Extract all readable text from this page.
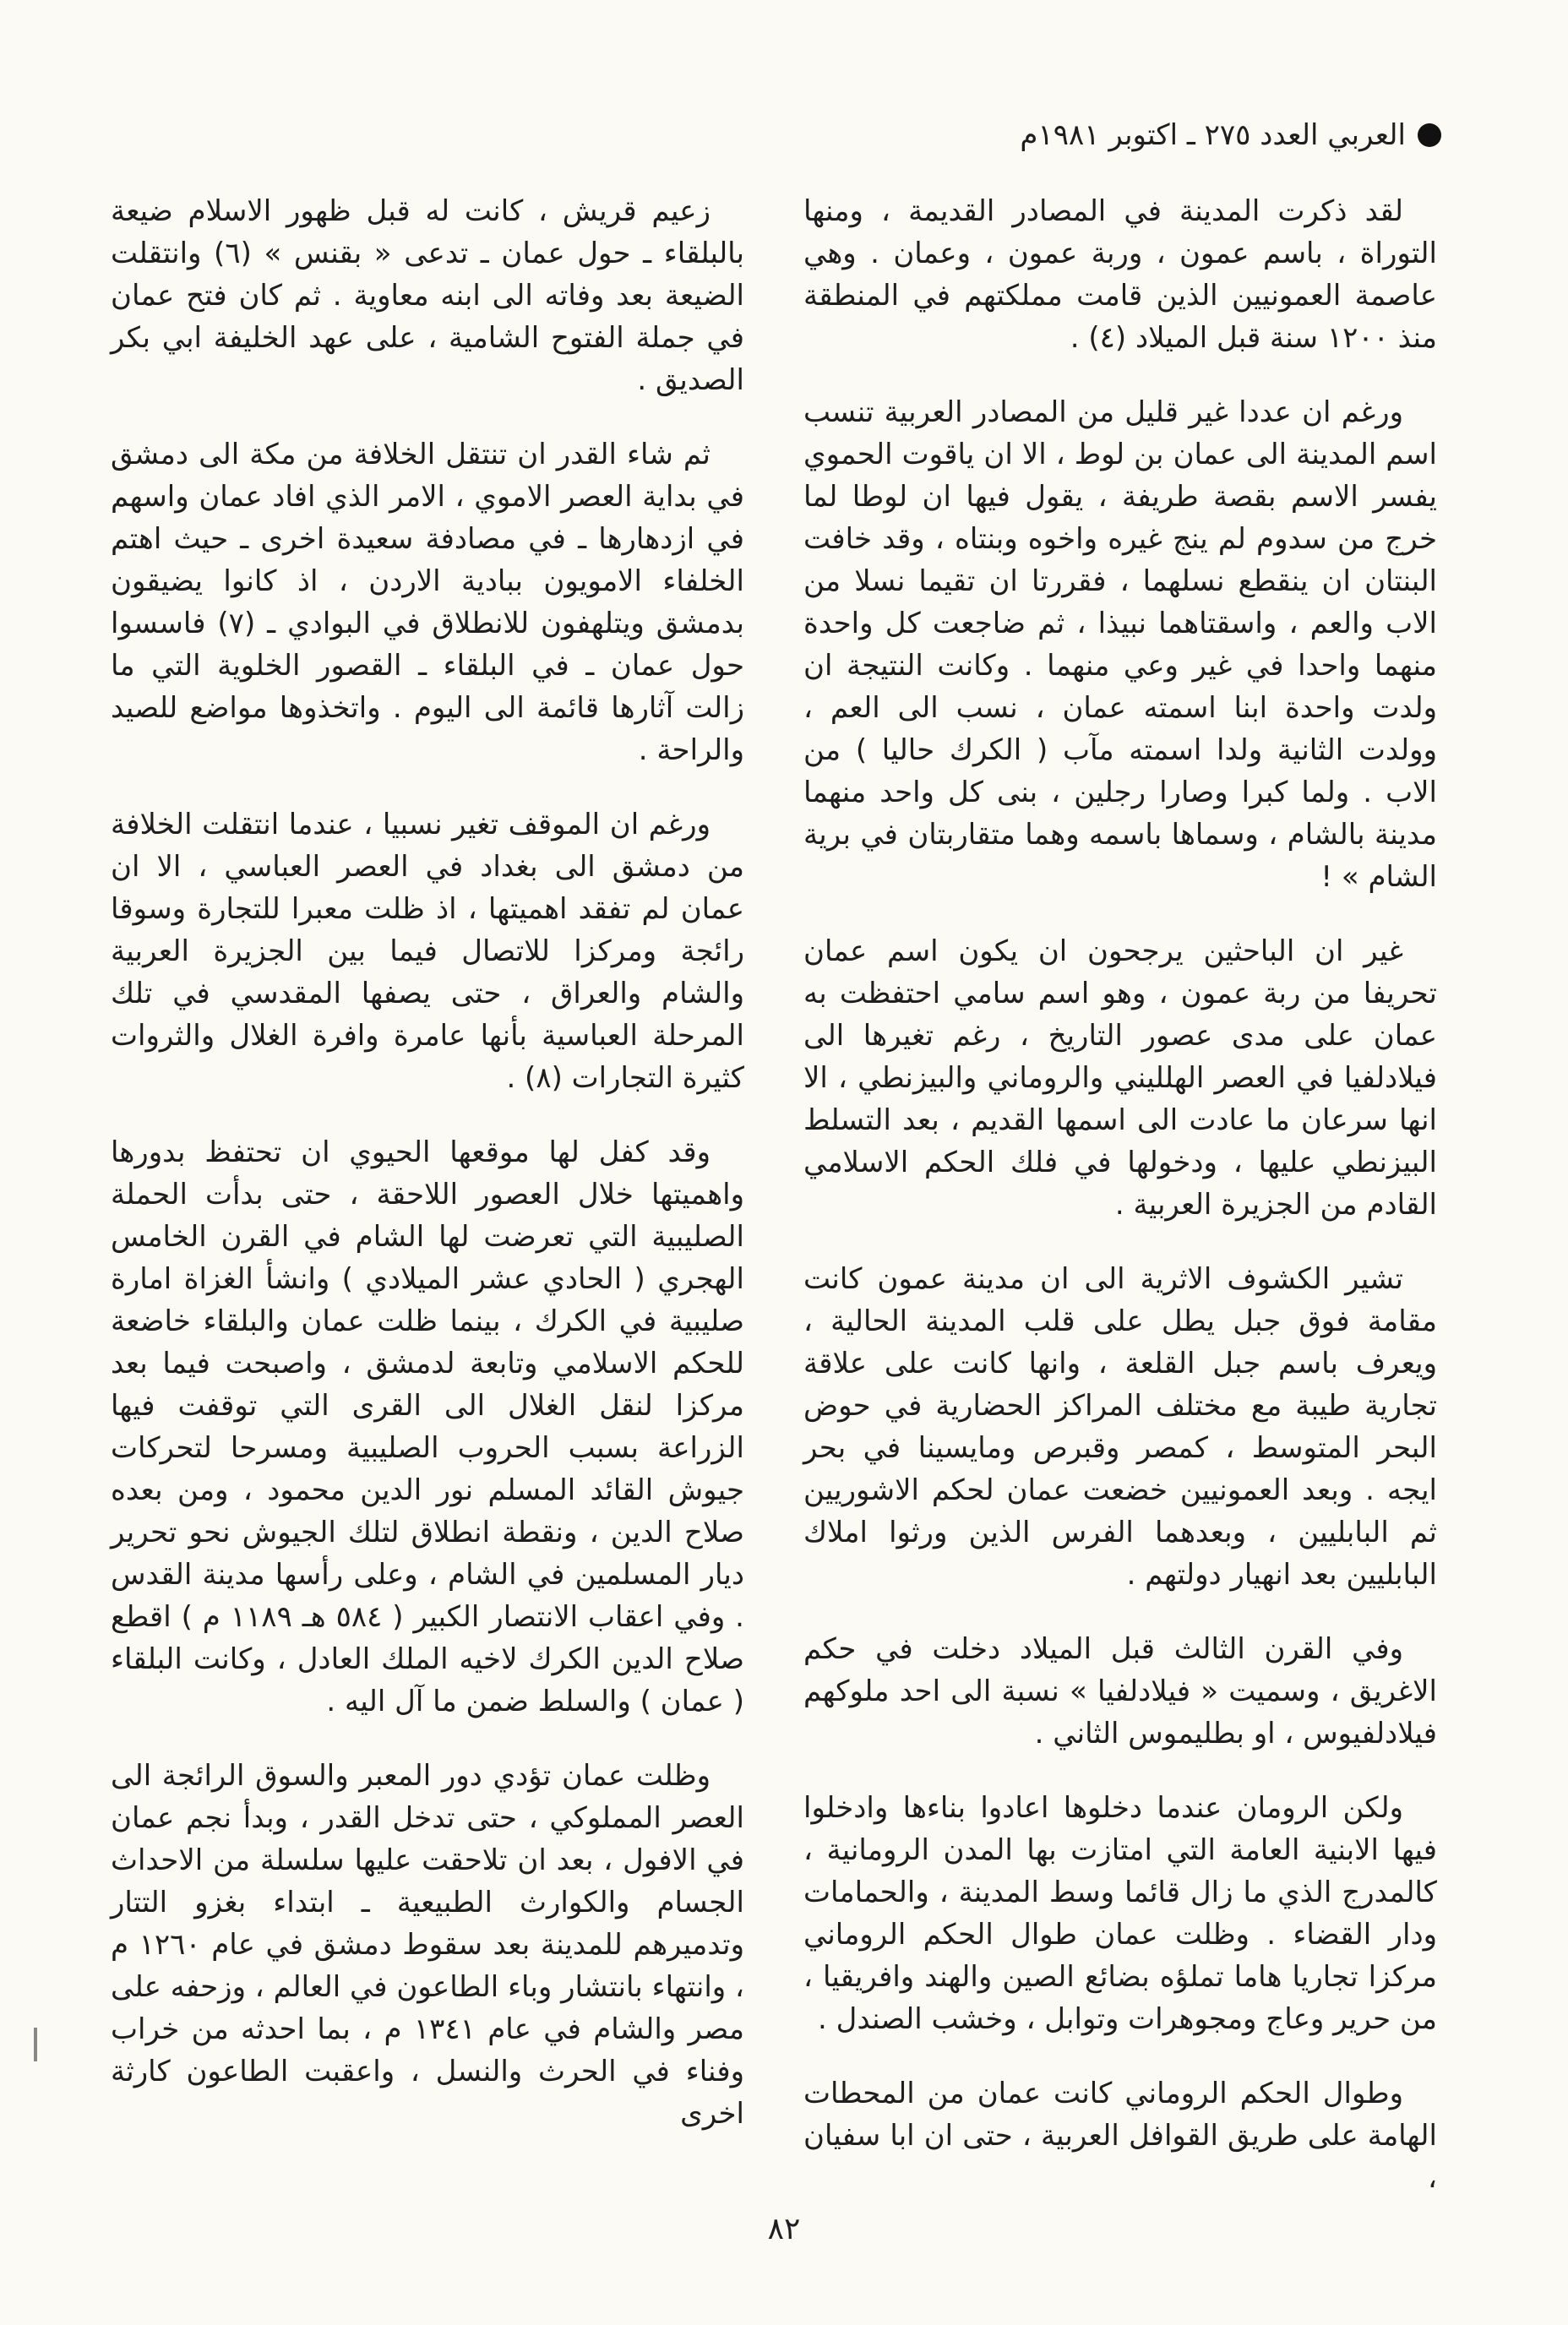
العربي العدد ٢٧٥ ـ اكتوبر ١٩٨١م

لقد ذكرت المدينة في المصادر القديمة ، ومنها التوراة ، باسم عمون ، وربة عمون ، وعمان . وهي عاصمة العمونيين الذين قامت مملكتهم في المنطقة منذ ١٢٠٠ سنة قبل الميلاد (٤) .

ورغم ان عددا غير قليل من المصادر العربية تنسب اسم المدينة الى عمان بن لوط ، الا ان ياقوت الحموي يفسر الاسم بقصة طريفة ، يقول فيها ان لوطا لما خرج من سدوم لم ينج غيره واخوه وبنتاه ، وقد خافت البنتان ان ينقطع نسلهما ، فقررتا ان تقيما نسلا من الاب والعم ، واسقتاهما نبيذا ، ثم ضاجعت كل واحدة منهما واحدا في غير وعي منهما . وكانت النتيجة ان ولدت واحدة ابنا اسمته عمان ، نسب الى العم ، وولدت الثانية ولدا اسمته مآب ( الكرك حاليا ) من الاب . ولما كبرا وصارا رجلين ، بنى كل واحد منهما مدينة بالشام ، وسماها باسمه وهما متقاربتان في برية الشام » !

غير ان الباحثين يرجحون ان يكون اسم عمان تحريفا من ربة عمون ، وهو اسم سامي احتفظت به عمان على مدى عصور التاريخ ، رغم تغيرها الى فيلادلفيا في العصر الهلليني والروماني والبيزنطي ، الا انها سرعان ما عادت الى اسمها القديم ، بعد التسلط البيزنطي عليها ، ودخولها في فلك الحكم الاسلامي القادم من الجزيرة العربية .

تشير الكشوف الاثرية الى ان مدينة عمون كانت مقامة فوق جبل يطل على قلب المدينة الحالية ، ويعرف باسم جبل القلعة ، وانها كانت على علاقة تجارية طيبة مع مختلف المراكز الحضارية في حوض البحر المتوسط ، كمصر وقبرص ومايسينا في بحر ايجه . وبعد العمونيين خضعت عمان لحكم الاشوريين ثم البابليين ، وبعدهما الفرس الذين ورثوا املاك البابليين بعد انهيار دولتهم .

وفي القرن الثالث قبل الميلاد دخلت في حكم الاغريق ، وسميت « فيلادلفيا » نسبة الى احد ملوكهم فيلادلفيوس ، او بطليموس الثاني .

ولكن الرومان عندما دخلوها اعادوا بناءها وادخلوا فيها الابنية العامة التي امتازت بها المدن الرومانية ، كالمدرج الذي ما زال قائما وسط المدينة ، والحمامات ودار القضاء . وظلت عمان طوال الحكم الروماني مركزا تجاريا هاما تملؤه بضائع الصين والهند وافريقيا ، من حرير وعاج ومجوهرات وتوابل ، وخشب الصندل .

وطوال الحكم الروماني كانت عمان من المحطات الهامة على طريق القوافل العربية ، حتى ان ابا سفيان ،

زعيم قريش ، كانت له قبل ظهور الاسلام ضيعة بالبلقاء ـ حول عمان ـ تدعى « بقنس » (٦) وانتقلت الضيعة بعد وفاته الى ابنه معاوية . ثم كان فتح عمان في جملة الفتوح الشامية ، على عهد الخليفة ابي بكر الصديق .

ثم شاء القدر ان تنتقل الخلافة من مكة الى دمشق في بداية العصر الاموي ، الامر الذي افاد عمان واسهم في ازدهارها ـ في مصادفة سعيدة اخرى ـ حيث اهتم الخلفاء الامويون ببادية الاردن ، اذ كانوا يضيقون بدمشق ويتلهفون للانطلاق في البوادي ـ (٧) فاسسوا حول عمان ـ في البلقاء ـ القصور الخلوية التي ما زالت آثارها قائمة الى اليوم . واتخذوها مواضع للصيد والراحة .

ورغم ان الموقف تغير نسبيا ، عندما انتقلت الخلافة من دمشق الى بغداد في العصر العباسي ، الا ان عمان لم تفقد اهميتها ، اذ ظلت معبرا للتجارة وسوقا رائجة ومركزا للاتصال فيما بين الجزيرة العربية والشام والعراق ، حتى يصفها المقدسي في تلك المرحلة العباسية بأنها عامرة وافرة الغلال والثروات كثيرة التجارات (٨) .

وقد كفل لها موقعها الحيوي ان تحتفظ بدورها واهميتها خلال العصور اللاحقة ، حتى بدأت الحملة الصليبية التي تعرضت لها الشام في القرن الخامس الهجري ( الحادي عشر الميلادي ) وانشأ الغزاة امارة صليبية في الكرك ، بينما ظلت عمان والبلقاء خاضعة للحكم الاسلامي وتابعة لدمشق ، واصبحت فيما بعد مركزا لنقل الغلال الى القرى التي توقفت فيها الزراعة بسبب الحروب الصليبية ومسرحا لتحركات جيوش القائد المسلم نور الدين محمود ، ومن بعده صلاح الدين ، ونقطة انطلاق لتلك الجيوش نحو تحرير ديار المسلمين في الشام ، وعلى رأسها مدينة القدس . وفي اعقاب الانتصار الكبير ( ٥٨٤ هـ ١١٨٩ م ) اقطع صلاح الدين الكرك لاخيه الملك العادل ، وكانت البلقاء ( عمان ) والسلط ضمن ما آل اليه .

وظلت عمان تؤدي دور المعبر والسوق الرائجة الى العصر المملوكي ، حتى تدخل القدر ، وبدأ نجم عمان في الافول ، بعد ان تلاحقت عليها سلسلة من الاحداث الجسام والكوارث الطبيعية ـ ابتداء بغزو التتار وتدميرهم للمدينة بعد سقوط دمشق في عام ١٢٦٠ م ، وانتهاء بانتشار وباء الطاعون في العالم ، وزحفه على مصر والشام في عام ١٣٤١ م ، بما احدثه من خراب وفناء في الحرث والنسل ، واعقبت الطاعون كارثة اخرى

٨٢
